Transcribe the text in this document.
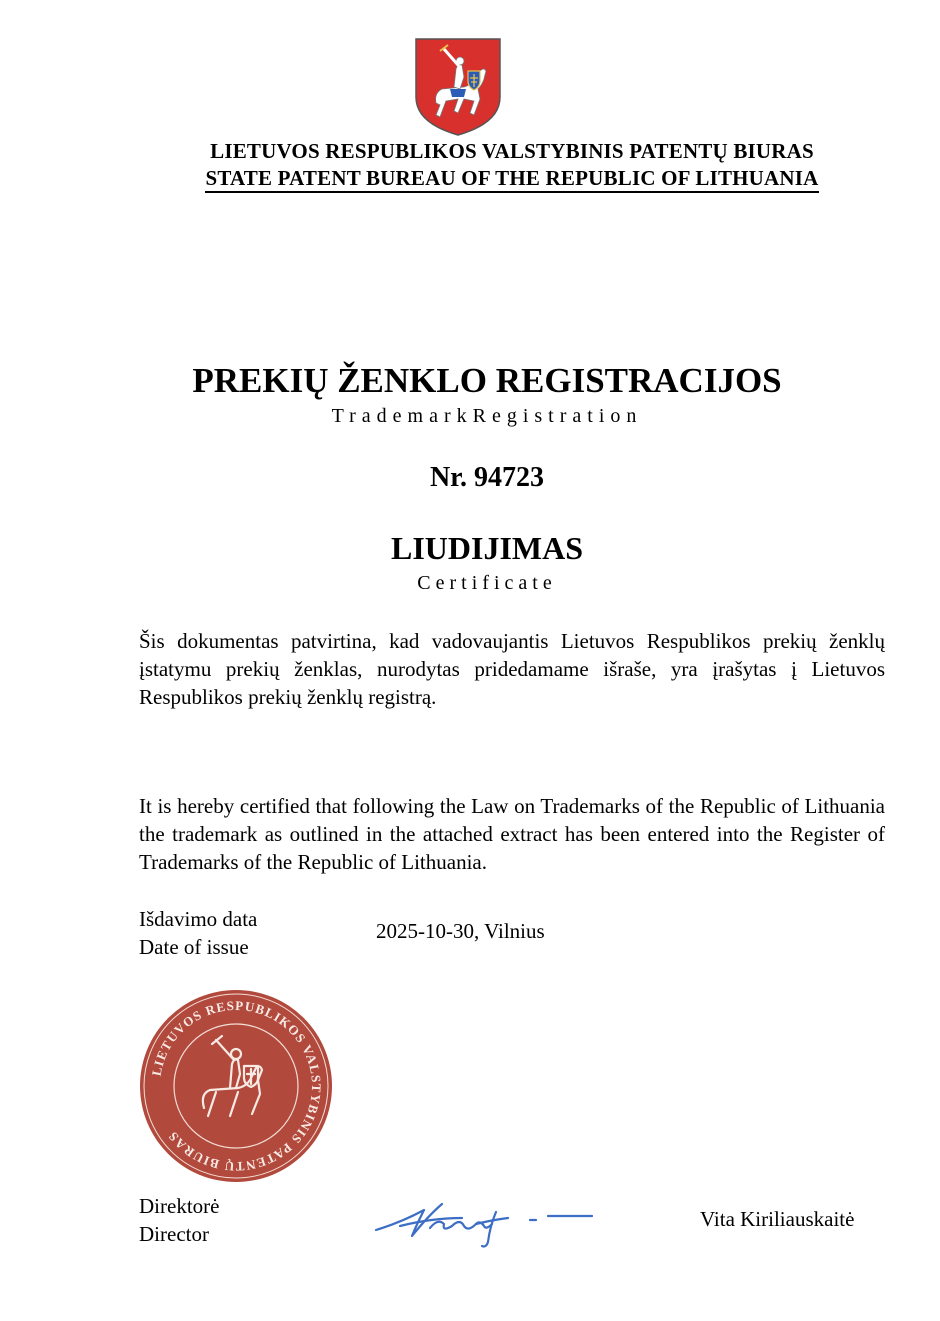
LIETUVOS RESPUBLIKOS VALSTYBINIS PATENTŲ BIURAS
STATE PATENT BUREAU OF THE REPUBLIC OF LITHUANIA
PREKIŲ ŽENKLO REGISTRACIJOS
TrademarkRegistration
Nr. 94723
LIUDIJIMAS
Certificate
Šis dokumentas patvirtina, kad vadovaujantis Lietuvos Respublikos prekių ženklų įstatymu prekių ženklas, nurodytas pridedamame išraše, yra įrašytas į Lietuvos Respublikos prekių ženklų registrą.
It is hereby certified that following the Law on Trademarks of the Republic of Lithuania the trademark as outlined in the attached extract has been entered into the Register of Trademarks of the Republic of Lithuania.
Išdavimo data
Date of issue
2025-10-30, Vilnius
LIETUVOS RESPUBLIKOS VALSTYBINIS PATENTŲ BIURAS
Direktorė
Director
Vita Kiriliauskaitė
